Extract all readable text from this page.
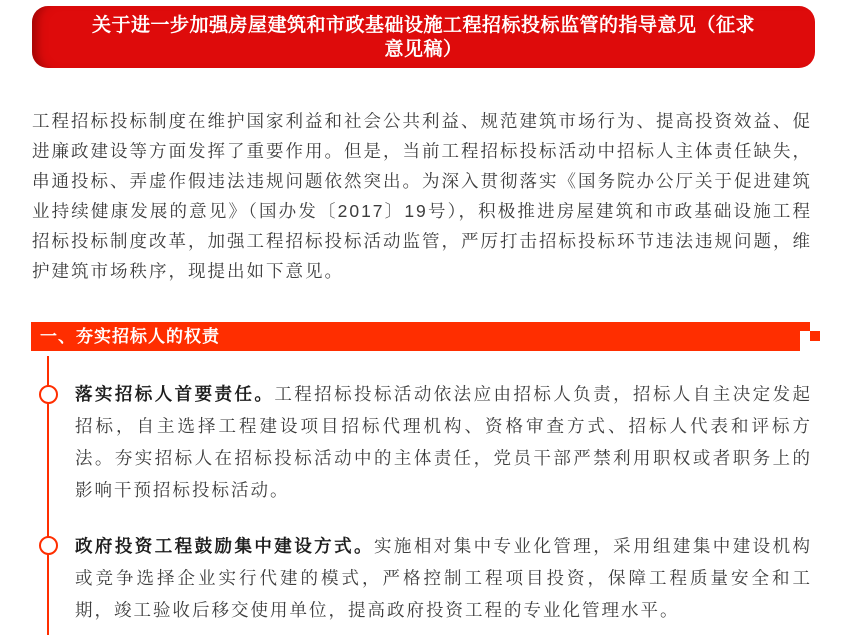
关于进一步加强房屋建筑和市政基础设施工程招标投标监管的指导意见（征求意见稿）
工程招标投标制度在维护国家利益和社会公共利益、规范建筑市场行为、提高投资效益、促进廉政建设等方面发挥了重要作用。但是，当前工程招标投标活动中招标人主体责任缺失，串通投标、弄虚作假违法违规问题依然突出。为深入贯彻落实《国务院办公厅关于促进建筑业持续健康发展的意见》（国办发〔2017〕19号），积极推进房屋建筑和市政基础设施工程招标投标制度改革，加强工程招标投标活动监管，严厉打击招标投标环节违法违规问题，维护建筑市场秩序，现提出如下意见。
一、夯实招标人的权责

落实招标人首要责任。工程招标投标活动依法应由招标人负责，招标人自主决定发起招标，自主选择工程建设项目招标代理机构、资格审查方式、招标人代表和评标方法。夯实招标人在招标投标活动中的主体责任，党员干部严禁利用职权或者职务上的影响干预招标投标活动。

政府投资工程鼓励集中建设方式。实施相对集中专业化管理，采用组建集中建设机构或竞争选择企业实行代建的模式，严格控制工程项目投资，保障工程质量安全和工期，竣工验收后移交使用单位，提高政府投资工程的专业化管理水平。
